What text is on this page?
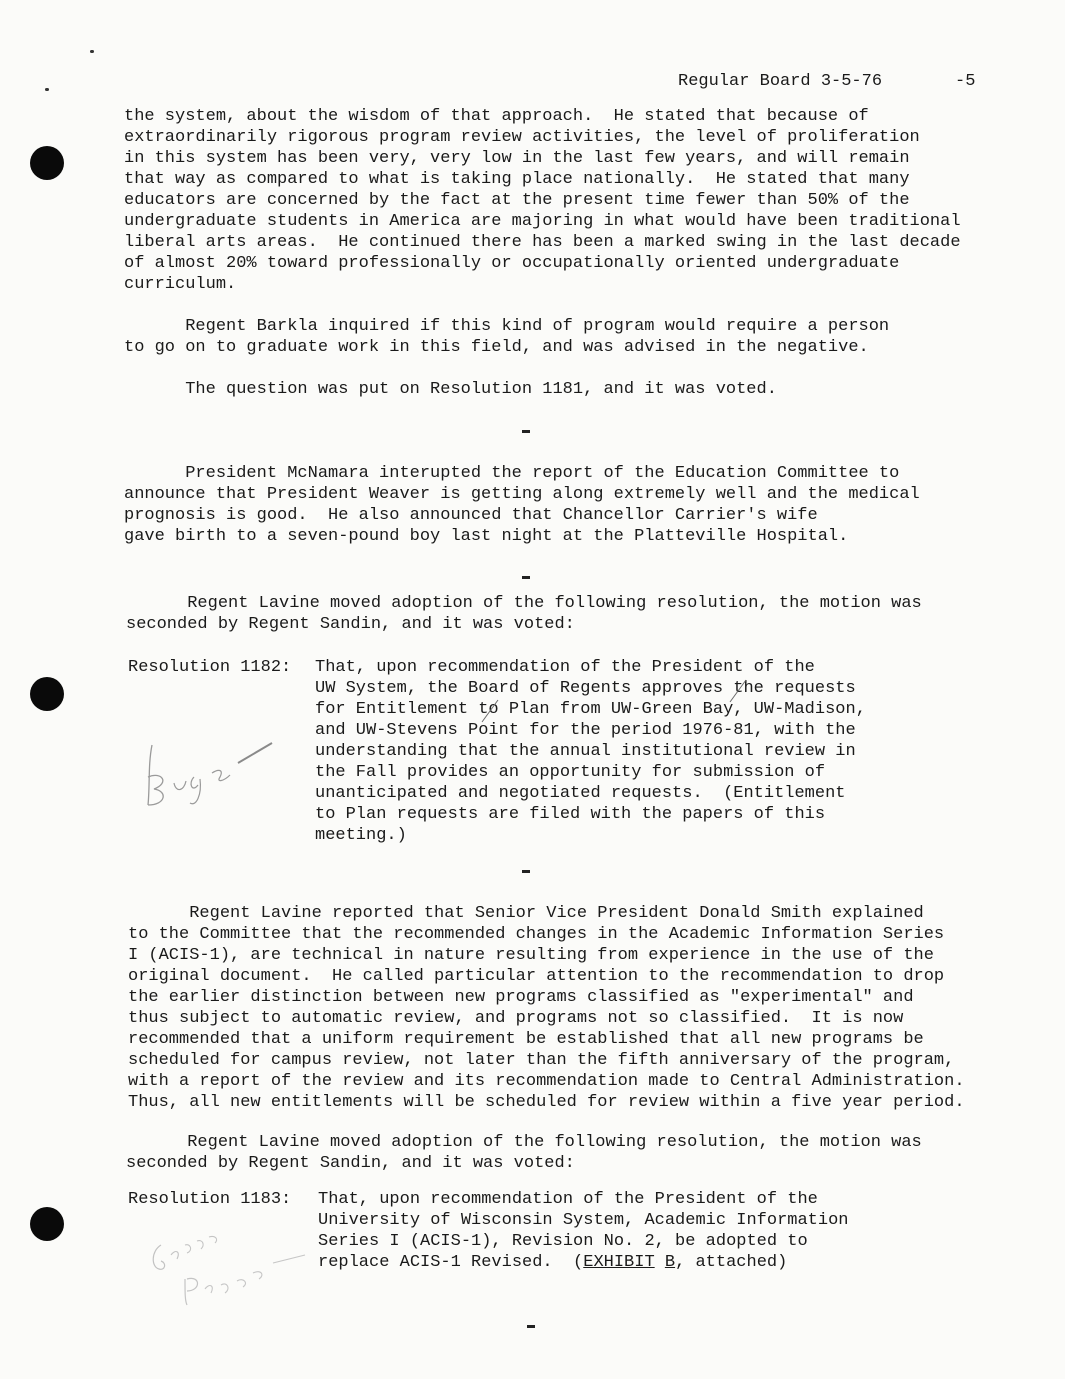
Regular Board 3-5-76	-5
the system, about the wisdom of that approach.  He stated that because of
extraordinarily rigorous program review activities, the level of proliferation
in this system has been very, very low in the last few years, and will remain
that way as compared to what is taking place nationally.  He stated that many
educators are concerned by the fact at the present time fewer than 50% of the
undergraduate students in America are majoring in what would have been traditional
liberal arts areas.  He continued there has been a marked swing in the last decade
of almost 20% toward professionally or occupationally oriented undergraduate
curriculum.
Regent Barkla inquired if this kind of program would require a person
to go on to graduate work in this field, and was advised in the negative.
The question was put on Resolution 1181, and it was voted.
President McNamara interupted the report of the Education Committee to
announce that President Weaver is getting along extremely well and the medical
prognosis is good.  He also announced that Chancellor Carrier's wife
gave birth to a seven-pound boy last night at the Platteville Hospital.
Regent Lavine moved adoption of the following resolution, the motion was
seconded by Regent Sandin, and it was voted:
Resolution 1182: That, upon recommendation of the President of the
UW System, the Board of Regents approves the requests
for Entitlement to Plan from UW-Green Bay, UW-Madison,
and UW-Stevens Point for the period 1976-81, with the
understanding that the annual institutional review in
the Fall provides an opportunity for submission of
unanticipated and negotiated requests.  (Entitlement
to Plan requests are filed with the papers of this
meeting.)
Regent Lavine reported that Senior Vice President Donald Smith explained
to the Committee that the recommended changes in the Academic Information Series
I (ACIS-1), are technical in nature resulting from experience in the use of the
original document.  He called particular attention to the recommendation to drop
the earlier distinction between new programs classified as "experimental" and
thus subject to automatic review, and programs not so classified.  It is now
recommended that a uniform requirement be established that all new programs be
scheduled for campus review, not later than the fifth anniversary of the program,
with a report of the review and its recommendation made to Central Administration.
Thus, all new entitlements will be scheduled for review within a five year period.
Regent Lavine moved adoption of the following resolution, the motion was
seconded by Regent Sandin, and it was voted:
Resolution 1183: That, upon recommendation of the President of the
University of Wisconsin System, Academic Information
Series I (ACIS-1), Revision No. 2, be adopted to
replace ACIS-1 Revised.  (EXHIBIT B, attached)
